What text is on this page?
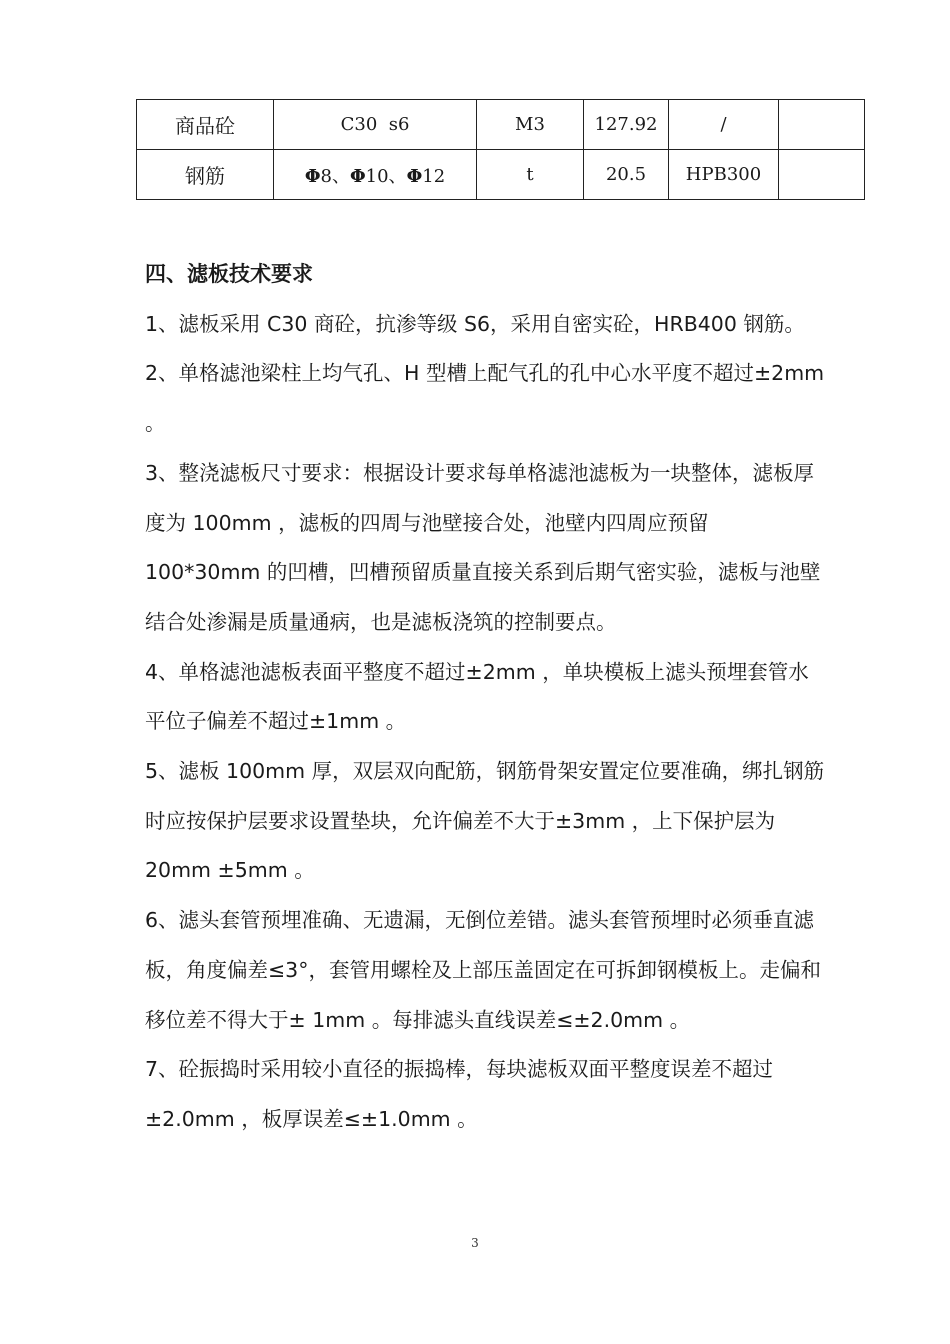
商品砼	C30  s6	M3	127.92	/	
钢筋	Φ8、Φ10、Φ12	t	20.5	HPB300	

四、滤板技术要求

1、滤板采用 C30 商砼，抗渗等级 S6，采用自密实砼，HRB400 钢筋。

2、单格滤池梁柱上均气孔、H 型槽上配气孔的孔中心水平度不超过±2mm 。

3、整浇滤板尺寸要求：根据设计要求每单格滤池滤板为一块整体，滤板厚度为 100mm ，滤板的四周与池壁接合处，池壁内四周应预留 100*30mm 的凹槽，凹槽预留质量直接关系到后期气密实验，滤板与池壁结合处渗漏是质量通病，也是滤板浇筑的控制要点。

4、单格滤池滤板表面平整度不超过±2mm ，单块模板上滤头预埋套管水平位子偏差不超过±1mm 。

5、滤板 100mm 厚，双层双向配筋，钢筋骨架安置定位要准确，绑扎钢筋时应按保护层要求设置垫块，允许偏差不大于±3mm ，上下保护层为 20mm ±5mm 。

6、滤头套管预埋准确、无遗漏，无倒位差错。滤头套管预埋时必须垂直滤板，角度偏差≤3°，套管用螺栓及上部压盖固定在可拆卸钢模板上。走偏和移位差不得大于± 1mm 。每排滤头直线误差≤±2.0mm 。

7、砼振捣时采用较小直径的振捣棒，每块滤板双面平整度误差不超过±2.0mm ，板厚误差≤±1.0mm 。

3
